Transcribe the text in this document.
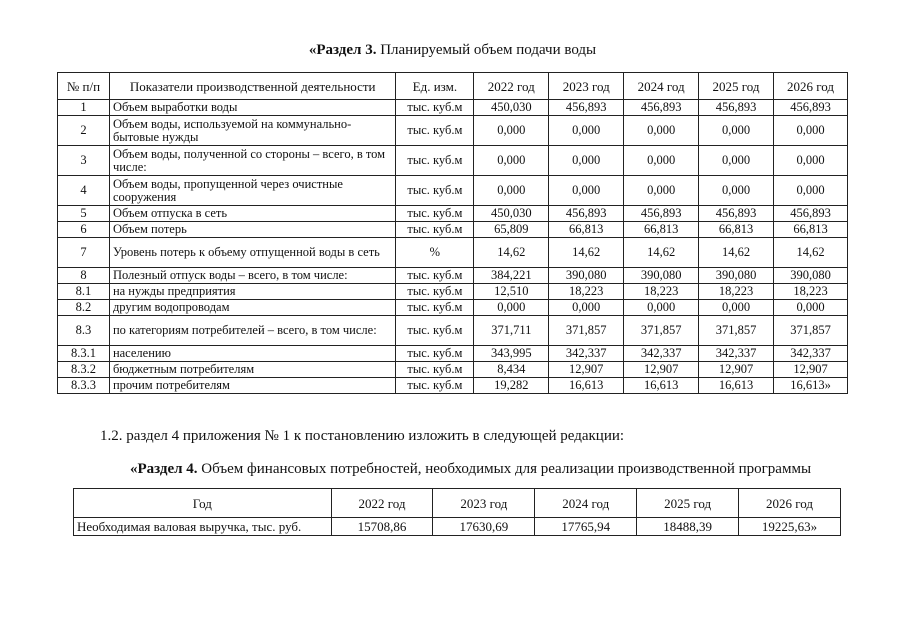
«Раздел 3. Планируемый объем подачи воды
№ п/п	Показатели производственной деятельности	Ед. изм.	2022 год	2023 год	2024 год	2025 год	2026 год
1	Объем выработки воды	тыс. куб.м	450,030	456,893	456,893	456,893	456,893
2	Объем воды, используемой на коммунально-бытовые нужды	тыс. куб.м	0,000	0,000	0,000	0,000	0,000
3	Объем воды, полученной со стороны – всего, в том числе:	тыс. куб.м	0,000	0,000	0,000	0,000	0,000
4	Объем воды, пропущенной через очистные сооружения	тыс. куб.м	0,000	0,000	0,000	0,000	0,000
5	Объем отпуска в сеть	тыс. куб.м	450,030	456,893	456,893	456,893	456,893
6	Объем потерь	тыс. куб.м	65,809	66,813	66,813	66,813	66,813
7	Уровень потерь к объему отпущенной воды в сеть	%	14,62	14,62	14,62	14,62	14,62
8	Полезный отпуск воды – всего, в том числе:	тыс. куб.м	384,221	390,080	390,080	390,080	390,080
8.1	на нужды предприятия	тыс. куб.м	12,510	18,223	18,223	18,223	18,223
8.2	другим водопроводам	тыс. куб.м	0,000	0,000	0,000	0,000	0,000
8.3	по категориям потребителей – всего, в том числе:	тыс. куб.м	371,711	371,857	371,857	371,857	371,857
8.3.1	населению	тыс. куб.м	343,995	342,337	342,337	342,337	342,337
8.3.2	бюджетным потребителям	тыс. куб.м	8,434	12,907	12,907	12,907	12,907
8.3.3	прочим потребителям	тыс. куб.м	19,282	16,613	16,613	16,613	16,613»
1.2. раздел 4 приложения № 1 к постановлению изложить в следующей редакции:
«Раздел 4. Объем финансовых потребностей, необходимых для реализации производственной программы
Год	2022 год	2023 год	2024 год	2025 год	2026 год
Необходимая валовая выручка, тыс. руб.	15708,86	17630,69	17765,94	18488,39	19225,63»
